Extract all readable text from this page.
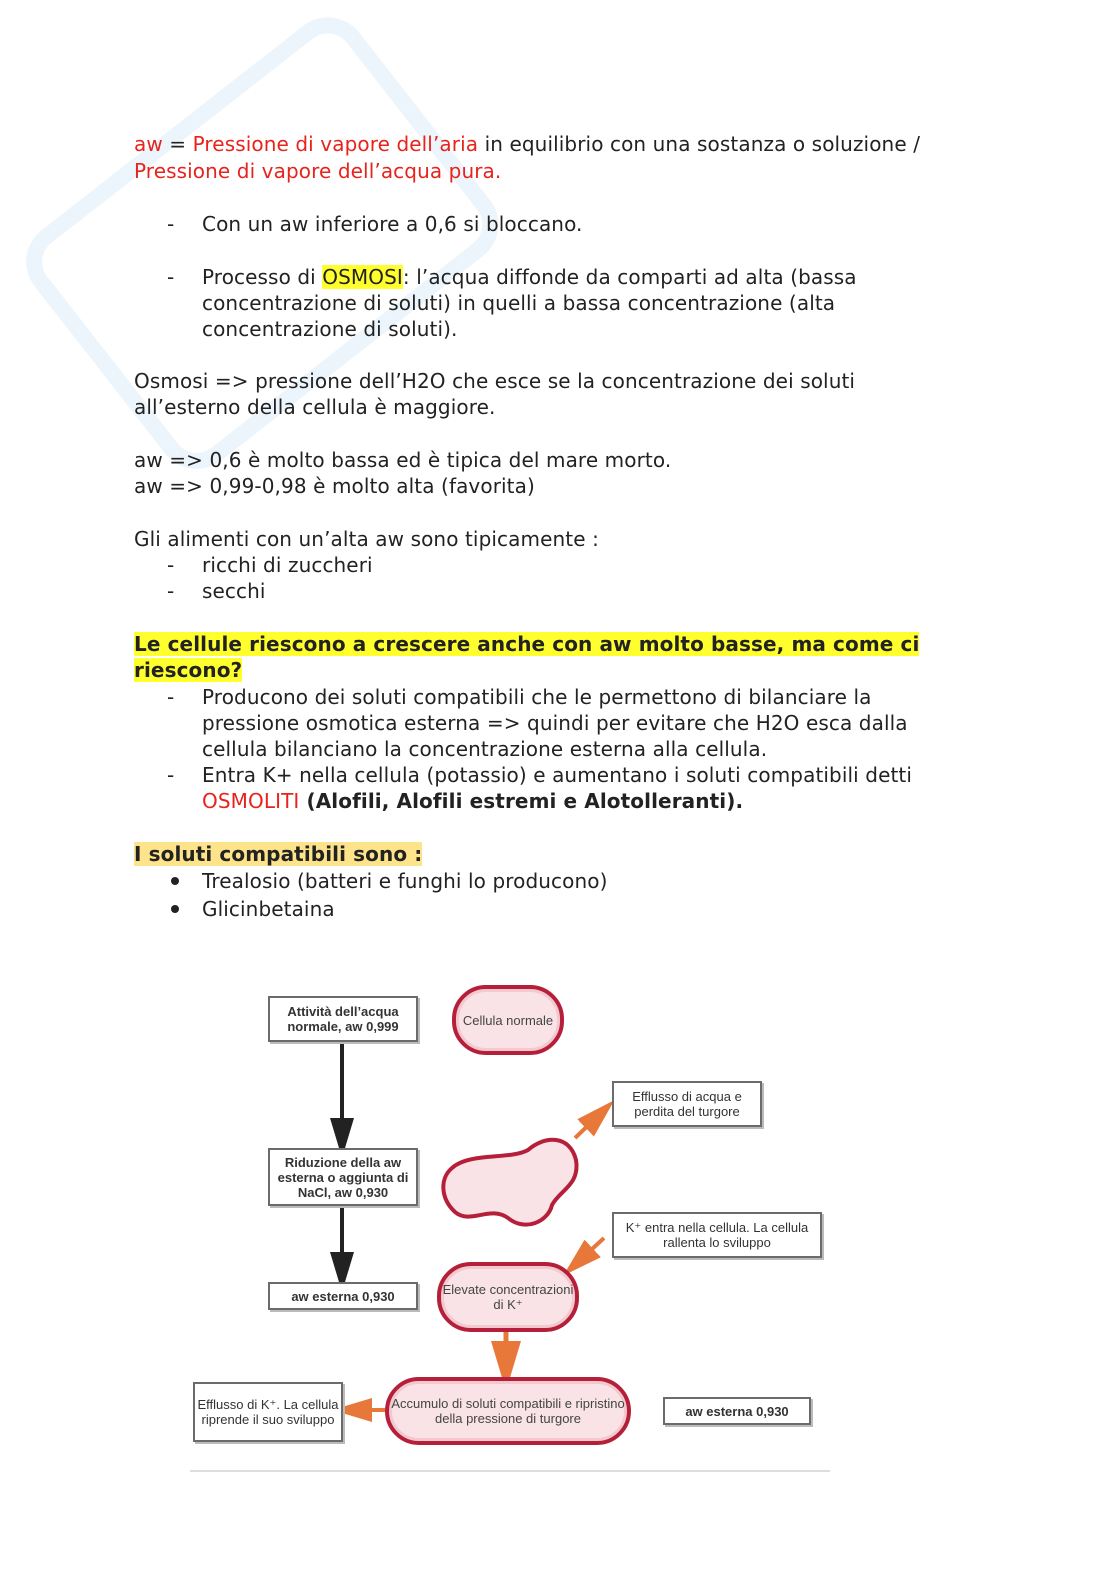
aw = Pressione di vapore dell’aria in equilibrio con una sostanza o soluzione /
Pressione di vapore dell’acqua pura.
- Con un aw inferiore a 0,6 si bloccano.
- Processo di OSMOSI: l’acqua diffonde da comparti ad alta (bassa
concentrazione di soluti) in quelli a bassa concentrazione (alta
concentrazione di soluti).
Osmosi => pressione dell’H2O che esce se la concentrazione dei soluti
all’esterno della cellula è maggiore.
aw => 0,6 è molto bassa ed è tipica del mare morto.
aw => 0,99-0,98 è molto alta (favorita)
Gli alimenti con un’alta aw sono tipicamente :
- ricchi di zuccheri
- secchi
Le cellule riescono a crescere anche con aw molto basse, ma come ci
riescono?
- Producono dei soluti compatibili che le permettono di bilanciare la
pressione osmotica esterna => quindi per evitare che H2O esca dalla
cellula bilanciano la concentrazione esterna alla cellula.
- Entra K+ nella cellula (potassio) e aumentano i soluti compatibili detti
OSMOLITI (Alofili, Alofili estremi e Alotolleranti).
I soluti compatibili sono :
Trealosio (batteri e funghi lo producono)
Glicinbetaina
Attività dell’acqua normale, aw 0,999	Cellula normale
Efflusso di acqua e perdita del turgore
Riduzione della aw esterna o aggiunta di NaCl, aw 0,930
K⁺ entra nella cellula. La cellula rallenta lo sviluppo
aw esterna 0,930	Elevate concentrazioni di K⁺
Efflusso di K⁺. La cellula riprende il suo sviluppo
Accumulo di soluti compatibili e ripristino della pressione di turgore	aw esterna 0,930
